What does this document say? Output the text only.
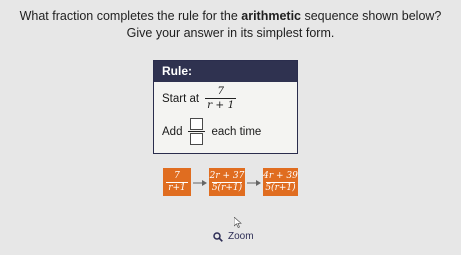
What fraction completes the rule for the arithmetic sequence shown below?
Give your answer in its simplest form.
Rule:
Start at $\frac{7}{r + 1}$
Add	each time
7
r+1
2r + 37
5(r+1)
4r + 39
5(r+1)
Zoom
